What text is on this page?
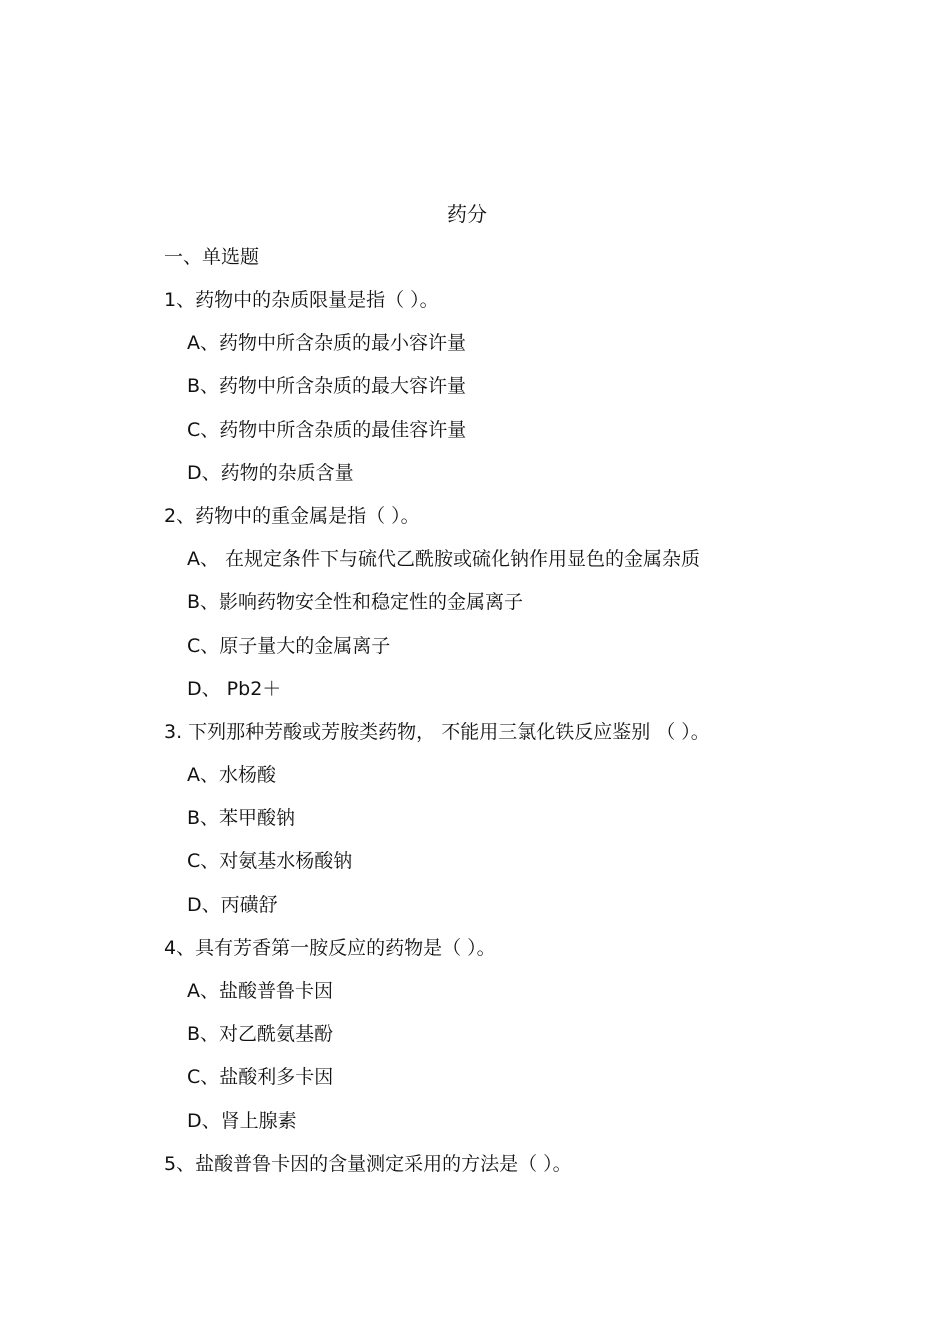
药分
一、单选题
1、药物中的杂质限量是指（ ）。
A、药物中所含杂质的最小容许量
B、药物中所含杂质的最大容许量
C、药物中所含杂质的最佳容许量
D、药物的杂质含量
2、药物中的重金属是指（ ）。
A、 在规定条件下与硫代乙酰胺或硫化钠作用显色的金属杂质
B、影响药物安全性和稳定性的金属离子
C、原子量大的金属离子
D、 Pb2＋
3. 下列那种芳酸或芳胺类药物， 不能用三氯化铁反应鉴别 （ ）。
A、水杨酸
B、苯甲酸钠
C、对氨基水杨酸钠
D、丙磺舒
4、具有芳香第一胺反应的药物是（ ）。
A、盐酸普鲁卡因
B、对乙酰氨基酚
C、盐酸利多卡因
D、肾上腺素
5、盐酸普鲁卡因的含量测定采用的方法是（ ）。
